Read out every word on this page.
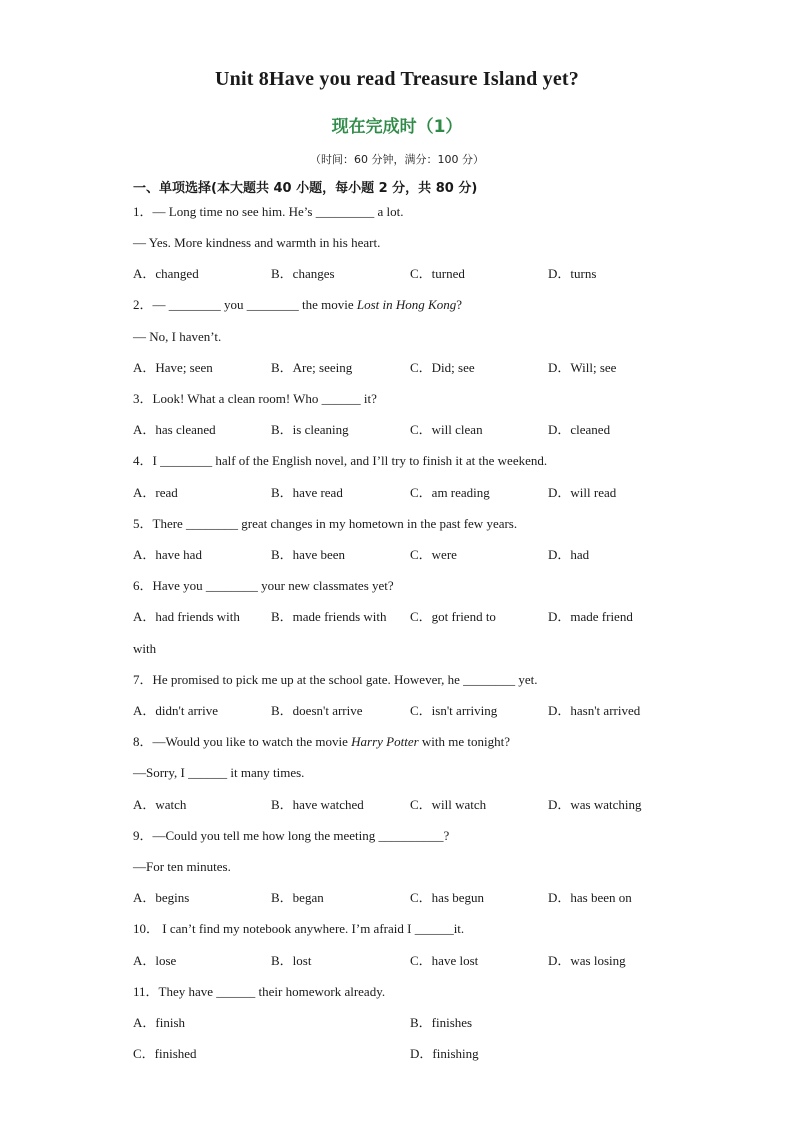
Unit 8Have you read Treasure Island yet?
现在完成时（1）
（时间：60 分钟，满分：100 分）
一、单项选择(本大题共 40 小题，每小题 2 分，共 80 分)
1．— Long time no see him. He’s _________ a lot.
— Yes. More kindness and warmth in his heart.
A．changed	B．changes	C．turned	D．turns
2．— ________ you ________ the movie Lost in Hong Kong?
— No, I haven’t.
A．Have; seen	B．Are; seeing	C．Did; see	D．Will; see
3．Look! What a clean room! Who ______ it?
A．has cleaned	B．is cleaning	C．will clean	D．cleaned
4．I ________ half of the English novel, and I’ll try to finish it at the weekend.
A．read	B．have read	C．am reading	D．will read
5．There ________ great changes in my hometown in the past few years.
A．have had	B．have been	C．were	D．had
6．Have you ________ your new classmates yet?
A．had friends with B．made friends with C．got friend to	D．made friend
with
7．He promised to pick me up at the school gate. However, he ________ yet.
A．didn't arrive	B．doesn't arrive	C．isn't arriving	D．hasn't arrived
8．—Would you like to watch the movie Harry Potter with me tonight?
—Sorry, I ______ it many times.
A．watch	B．have watched	C．will watch	D．was watching
9．—Could you tell me how long the meeting __________?
—For ten minutes.
A．begins	B．began	C．has begun	D．has been on
10． I can’t find my notebook anywhere. I’m afraid I ______it.
A．lose	B．lost	C．have lost	D．was losing
11．They have ______ their homework already.
A．finish	B．finishes
C．finished	D．finishing
